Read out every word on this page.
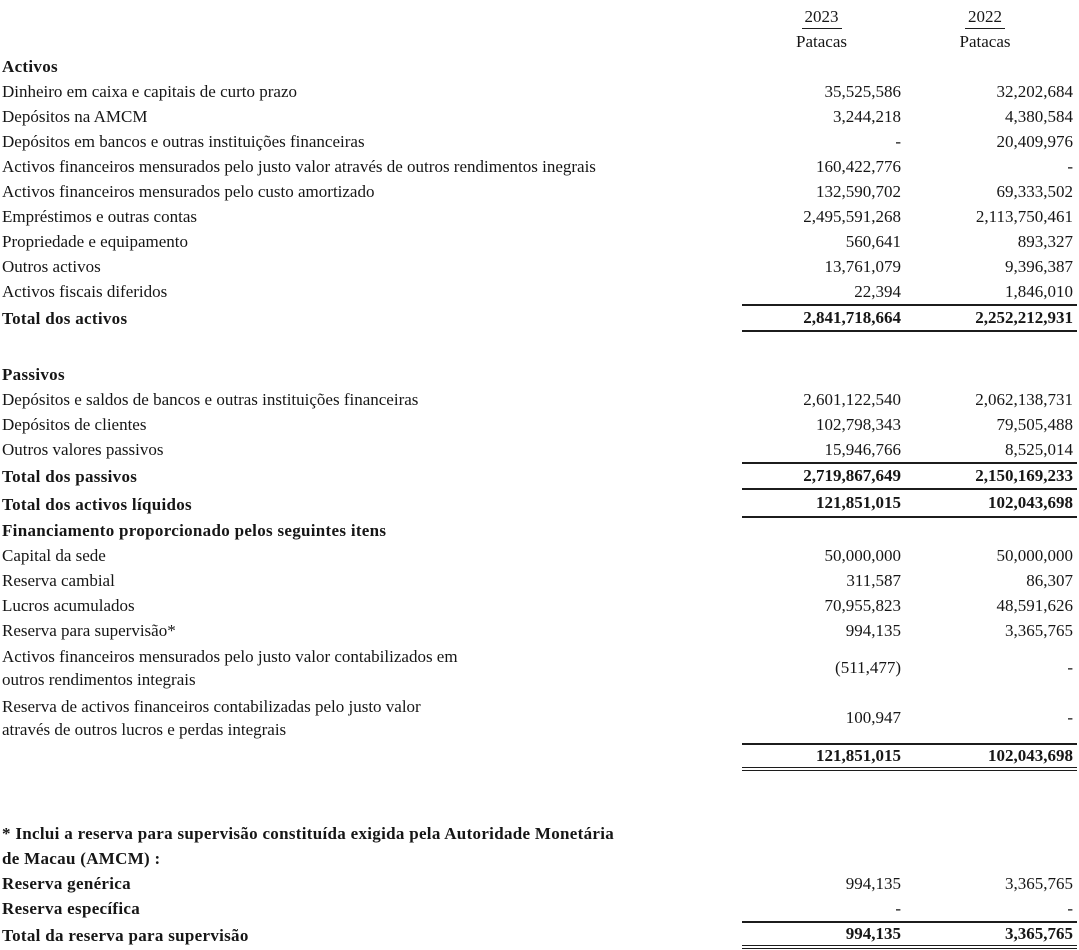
2023	2022
Patacas	Patacas
Activos
Dinheiro em caixa e capitais de curto prazo	35,525,586	32,202,684
Depósitos na AMCM	3,244,218	4,380,584
Depósitos em bancos e outras instituições financeiras	-	20,409,976
Activos financeiros mensurados pelo justo valor através de outros rendimentos inegrais	160,422,776	-
Activos financeiros mensurados pelo custo amortizado	132,590,702	69,333,502
Empréstimos e outras contas	2,495,591,268	2,113,750,461
Propriedade e equipamento	560,641	893,327
Outros activos	13,761,079	9,396,387
Activos fiscais diferidos	22,394	1,846,010
Total dos activos	2,841,718,664	2,252,212,931
Passivos
Depósitos e saldos de bancos e outras instituições financeiras	2,601,122,540	2,062,138,731
Depósitos de clientes	102,798,343	79,505,488
Outros valores passivos	15,946,766	8,525,014
Total dos passivos	2,719,867,649	2,150,169,233
Total dos activos líquidos	121,851,015	102,043,698
Financiamento proporcionado pelos seguintes itens
Capital da sede	50,000,000	50,000,000
Reserva cambial	311,587	86,307
Lucros acumulados	70,955,823	48,591,626
Reserva para supervisão*	994,135	3,365,765
Activos financeiros mensurados pelo justo valor contabilizados em
outros rendimentos integrais
(511,477)	-
Reserva de activos financeiros contabilizadas pelo justo valor
através de outros lucros e perdas integrais
100,947	-
121,851,015	102,043,698
* Inclui a reserva para supervisão constituída exigida pela Autoridade Monetária
de Macau (AMCM) :
Reserva genérica	994,135	3,365,765
Reserva específica	-	-
Total da reserva para supervisão	994,135	3,365,765
